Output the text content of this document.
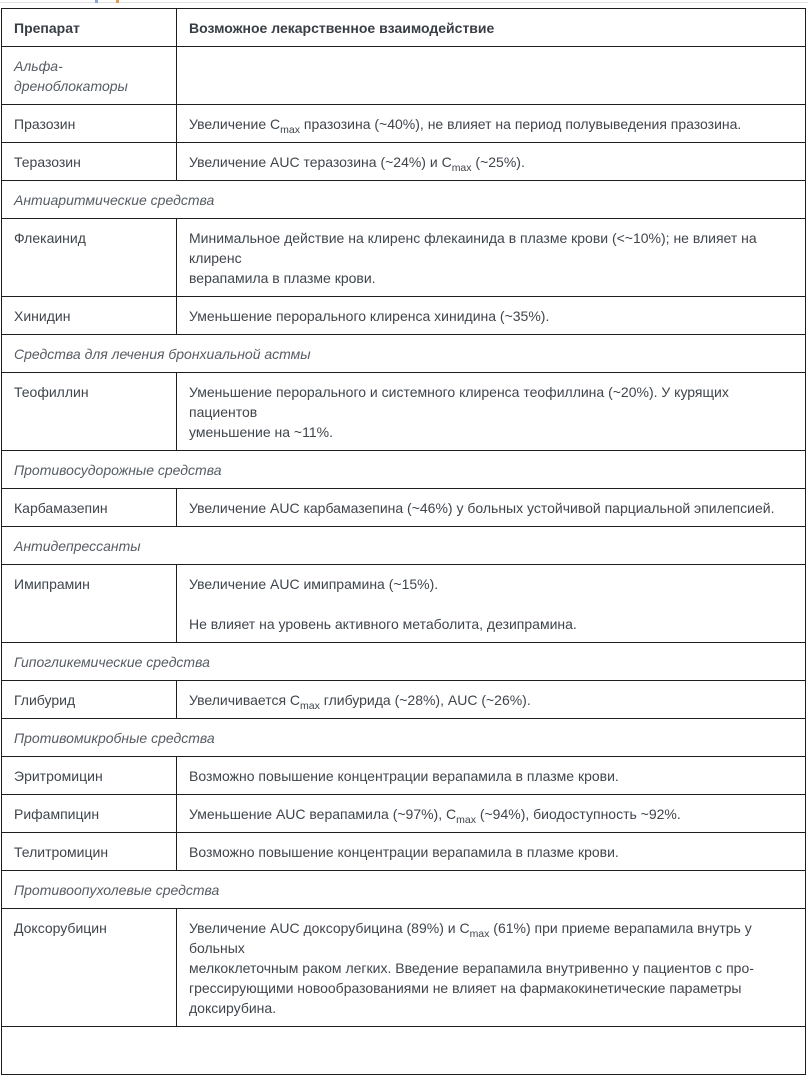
Препарат	Возможное лекарственное взаимодействие
Альфа-дреноблокаторы	
Празозин	Увеличение $C_{max}$ празозина (~40%), не влияет на период полувыведения празозина.
Теразозин	Увеличение AUC теразозина (~24%) и $C_{max}$ (~25%).
Антиаритмические средства	
Флекаинид	Минимальное действие на клиренс флекаинида в плазме крови (<~10%); не влияет на клиренс
верапамила в плазме крови.
Хинидин	Уменьшение перорального клиренса хинидина (~35%).
Средства для лечения бронхиальной астмы	
Теофиллин	Уменьшение перорального и системного клиренса теофиллина (~20%). У курящих пациентов
уменьшение на ~11%.
Противосудорожные средства	
Карбамазепин	Увеличение AUC карбамазепина (~46%) у больных устойчивой парциальной эпилепсией.
Антидепрессанты	
Имипрамин	Увеличение AUC имипрамина (~15%).

Не влияет на уровень активного метаболита, дезипрамина.
Гипогликемические средства	
Глибурид	Увеличивается $C_{max}$ глибурида (~28%), AUC (~26%).
Противомикробные средства	
Эритромицин	Возможно повышение концентрации верапамила в плазме крови.
Рифампицин	Уменьшение AUC верапамила (~97%), $C_{max}$ (~94%), биодоступность ~92%.
Телитромицин	Возможно повышение концентрации верапамила в плазме крови.
Противоопухолевые средства	
Доксорубицин	Увеличение AUC доксорубицина (89%) и $C_{max}$ (61%) при приеме верапамила внутрь у больных
мелкоклеточным раком легких. Введение верапамила внутривенно у пациентов с про-
грессирующими новообразованиями не влияет на фармакокинетические параметры доксирубина.
